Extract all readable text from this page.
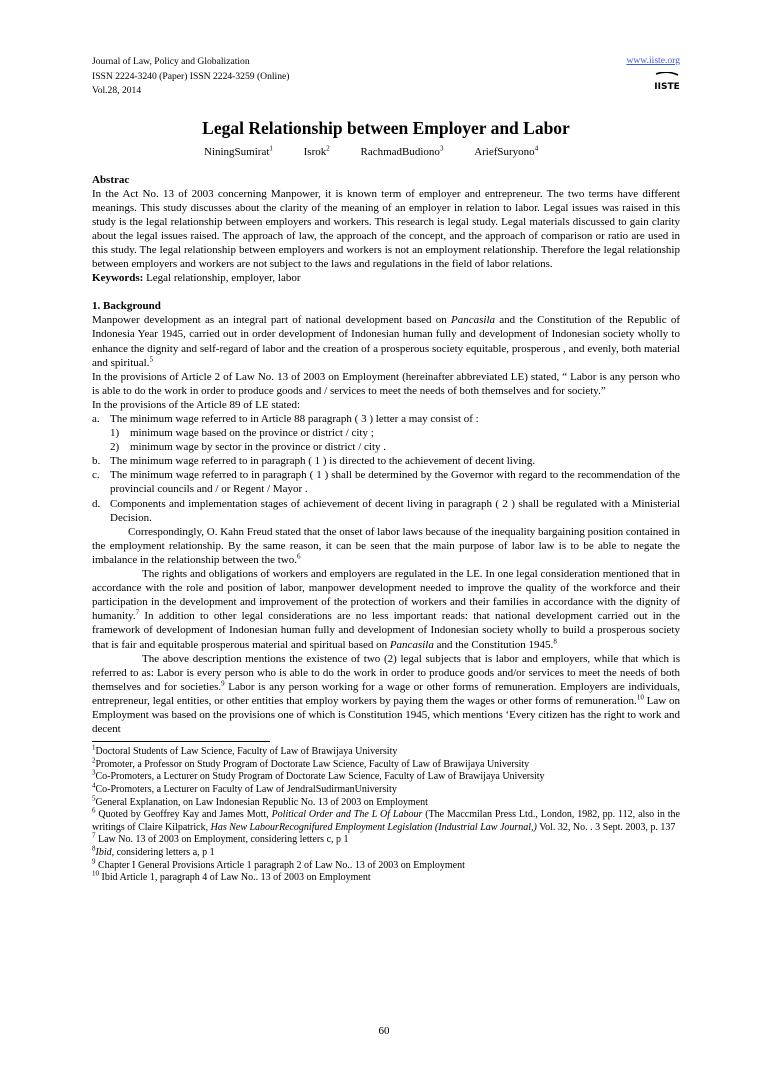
Journal of Law, Policy and Globalization
ISSN 2224-3240 (Paper) ISSN 2224-3259 (Online)
Vol.28, 2014
www.iiste.org
IISTE
Legal Relationship between Employer and Labor
NiningSumirat$^1$	Isrok$^2$	RachmadBudiono$^3$	AriefSuryono$^4$

Abstrac

In the Act No. 13 of 2003 concerning Manpower, it is known term of employer and entrepreneur. The two terms have different meanings. This study discusses about the clarity of the meaning of an employer in relation to labor. Legal issues was raised in this study is the legal relationship between employers and workers. This research is legal study. Legal materials discussed to gain clarity about the legal issues raised. The approach of law, the approach of the concept, and the approach of comparison or ratio are used in this study. The legal relationship between employers and workers is not an employment relationship. Therefore the legal relationship between employers and workers are not subject to the laws and regulations in the field of labor relations.

Keywords: Legal relationship, employer, labor

1. Background

Manpower development as an integral part of national development based on Pancasila and the Constitution of the Republic of Indonesia Year 1945, carried out in order development of Indonesian human fully and development of Indonesian society wholly to enhance the dignity and self-regard of labor and the creation of a prosperous society equitable, prosperous , and evenly, both material and spiritual.$^5$

In the provisions of Article 2 of Law No. 13 of 2003 on Employment (hereinafter abbreviated LE) stated, “ Labor is any person who is able to do the work in order to produce goods and / services to meet the needs of both themselves and for society.”

In the provisions of the Article 89 of LE stated:

a. The minimum wage referred to in Article 88 paragraph ( 3 ) letter a may consist of :
1) minimum wage based on the province or district / city ;
2) minimum wage by sector in the province or district / city .
b. The minimum wage referred to in paragraph ( 1 ) is directed to the achievement of decent living.
c. The minimum wage referred to in paragraph ( 1 ) shall be determined by the Governor with regard to the recommendation of the provincial councils and / or Regent / Mayor .
d. Components and implementation stages of achievement of decent living in paragraph ( 2 ) shall be regulated with a Ministerial Decision.

Correspondingly, O. Kahn Freud stated that the onset of labor laws because of the inequality bargaining position contained in the employment relationship. By the same reason, it can be seen that the main purpose of labor law is to be able to negate the imbalance in the relationship between the two.$^6$

The rights and obligations of workers and employers are regulated in the LE. In one legal consideration mentioned that in accordance with the role and position of labor, manpower development needed to improve the quality of the workforce and their participation in the development and improvement of the protection of workers and their families in accordance with the dignity of humanity.$^7$ In addition to other legal considerations are no less important reads: that national development carried out in the framework of development of Indonesian human fully and development of Indonesian society wholly to build a prosperous society that is fair and equitable prosperous material and spiritual based on Pancasila and the Constitution 1945.$^8$

The above description mentions the existence of two (2) legal subjects that is labor and employers, while that which is referred to as: Labor is every person who is able to do the work in order to produce goods and/or services to meet the needs of both themselves and for societies.$^9$ Labor is any person working for a wage or other forms of remuneration. Employers are individuals, entrepreneur, legal entities, or other entities that employ workers by paying them the wages or other forms of remuneration.$^{10}$ Law on Employment was based on the provisions one of which is Constitution 1945, which mentions ‘Every citizen has the right to work and decent

$^1$Doctoral Students of Law Science, Faculty of Law of Brawijaya University

$^2$Promoter, a Professor on Study Program of Doctorate Law Science, Faculty of Law of Brawijaya University

$^3$Co-Promoters, a Lecturer on Study Program of Doctorate Law Science, Faculty of Law of Brawijaya University

$^4$Co-Promoters, a Lecturer on Faculty of Law of JendralSudirmanUniversity

$^5$General Explanation, on Law Indonesian Republic No. 13 of 2003 on Employment

$^6$ Quoted by Geoffrey Kay and James Mott, Political Order and The L Of Labour (The Maccmilan Press Ltd., London, 1982, pp. 112, also in the writings of Claire Kilpatrick, Has New LabourRecognifured Employment Legislation (Industrial Law Journal,) Vol. 32, No. . 3 Sept. 2003, p. 137

$^7$ Law No. 13 of 2003 on Employment, considering letters c, p 1

$^8$Ibid, considering letters a, p 1

$^9$ Chapter I General Provisions Article 1 paragraph 2 of Law No.. 13 of 2003 on Employment

$^{10}$ Ibid Article 1, paragraph 4 of Law No.. 13 of 2003 on Employment

60
